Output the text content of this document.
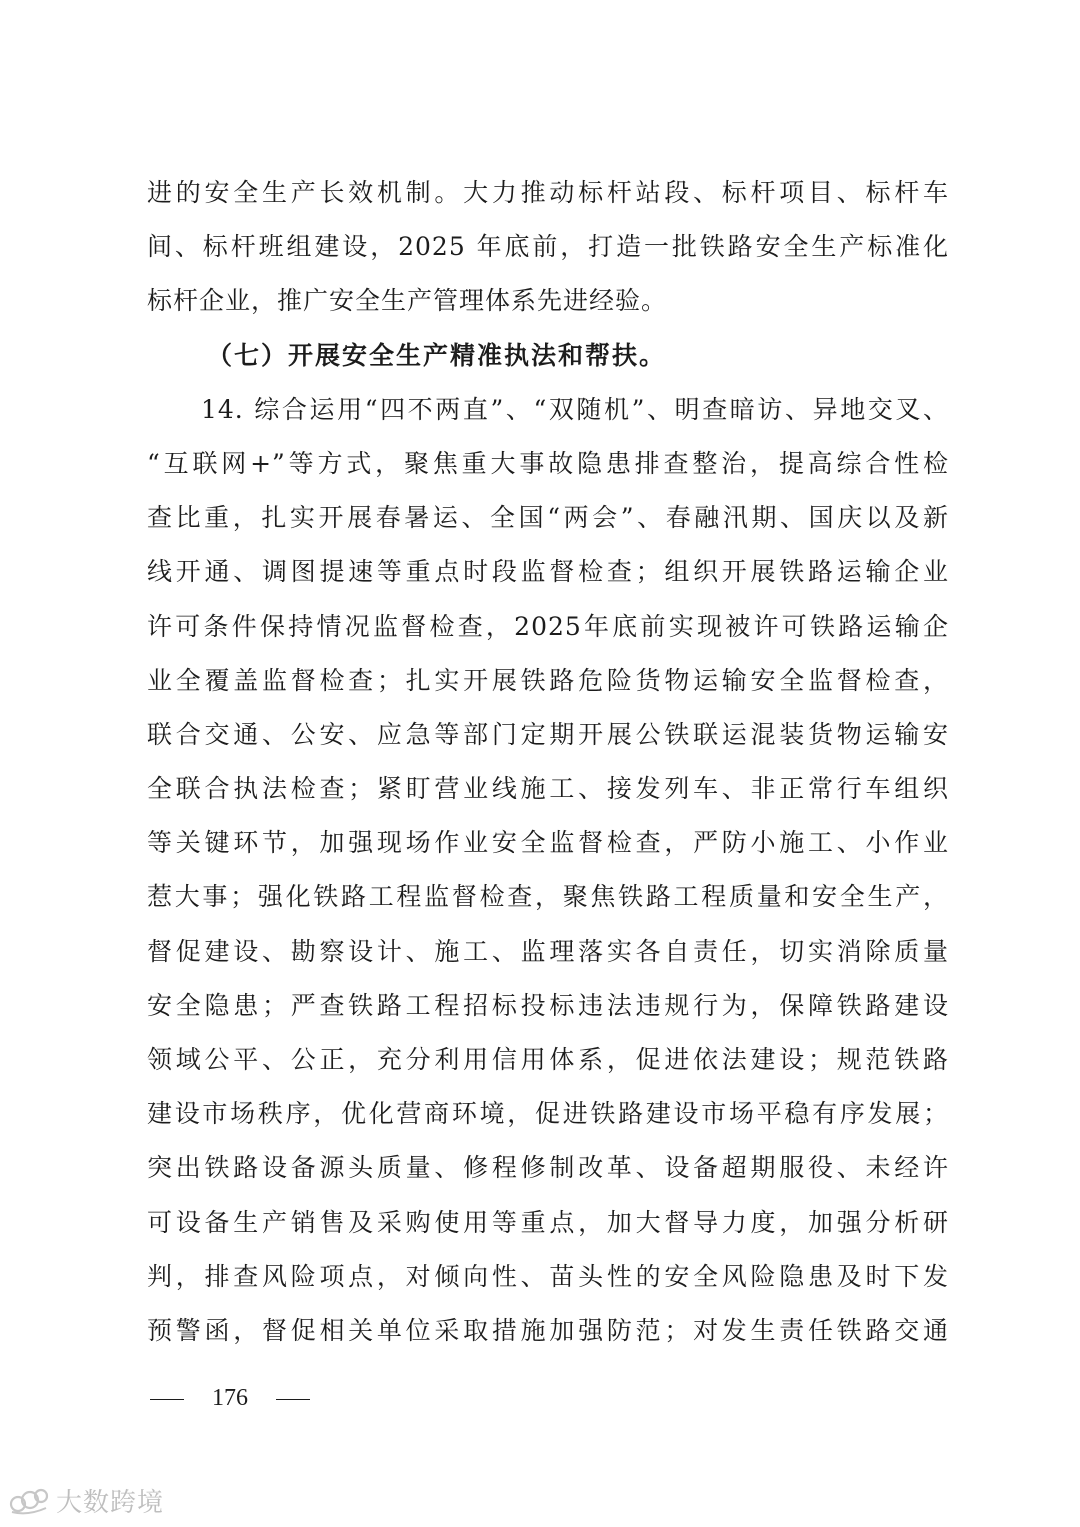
进的安全生产长效机制。大力推动标杆站段、标杆项目、标杆车
间、标杆班组建设，2025 年底前，打造一批铁路安全生产标准化
标杆企业，推广安全生产管理体系先进经验。
（七）开展安全生产精准执法和帮扶。
14. 综合运用“四不两直”、“双随机”、明查暗访、异地交叉、
“互联网+”等方式，聚焦重大事故隐患排查整治，提高综合性检
查比重，扎实开展春暑运、全国“两会”、春融汛期、国庆以及新
线开通、调图提速等重点时段监督检查；组织开展铁路运输企业
许可条件保持情况监督检查，2025年底前实现被许可铁路运输企
业全覆盖监督检查；扎实开展铁路危险货物运输安全监督检查，
联合交通、公安、应急等部门定期开展公铁联运混装货物运输安
全联合执法检查；紧盯营业线施工、接发列车、非正常行车组织
等关键环节，加强现场作业安全监督检查，严防小施工、小作业
惹大事；强化铁路工程监督检查，聚焦铁路工程质量和安全生产，
督促建设、勘察设计、施工、监理落实各自责任，切实消除质量
安全隐患；严查铁路工程招标投标违法违规行为，保障铁路建设
领域公平、公正，充分利用信用体系，促进依法建设；规范铁路
建设市场秩序，优化营商环境，促进铁路建设市场平稳有序发展；
突出铁路设备源头质量、修程修制改革、设备超期服役、未经许
可设备生产销售及采购使用等重点，加大督导力度，加强分析研
判，排查风险项点，对倾向性、苗头性的安全风险隐患及时下发
预警函，督促相关单位采取措施加强防范；对发生责任铁路交通
176
大数跨境
